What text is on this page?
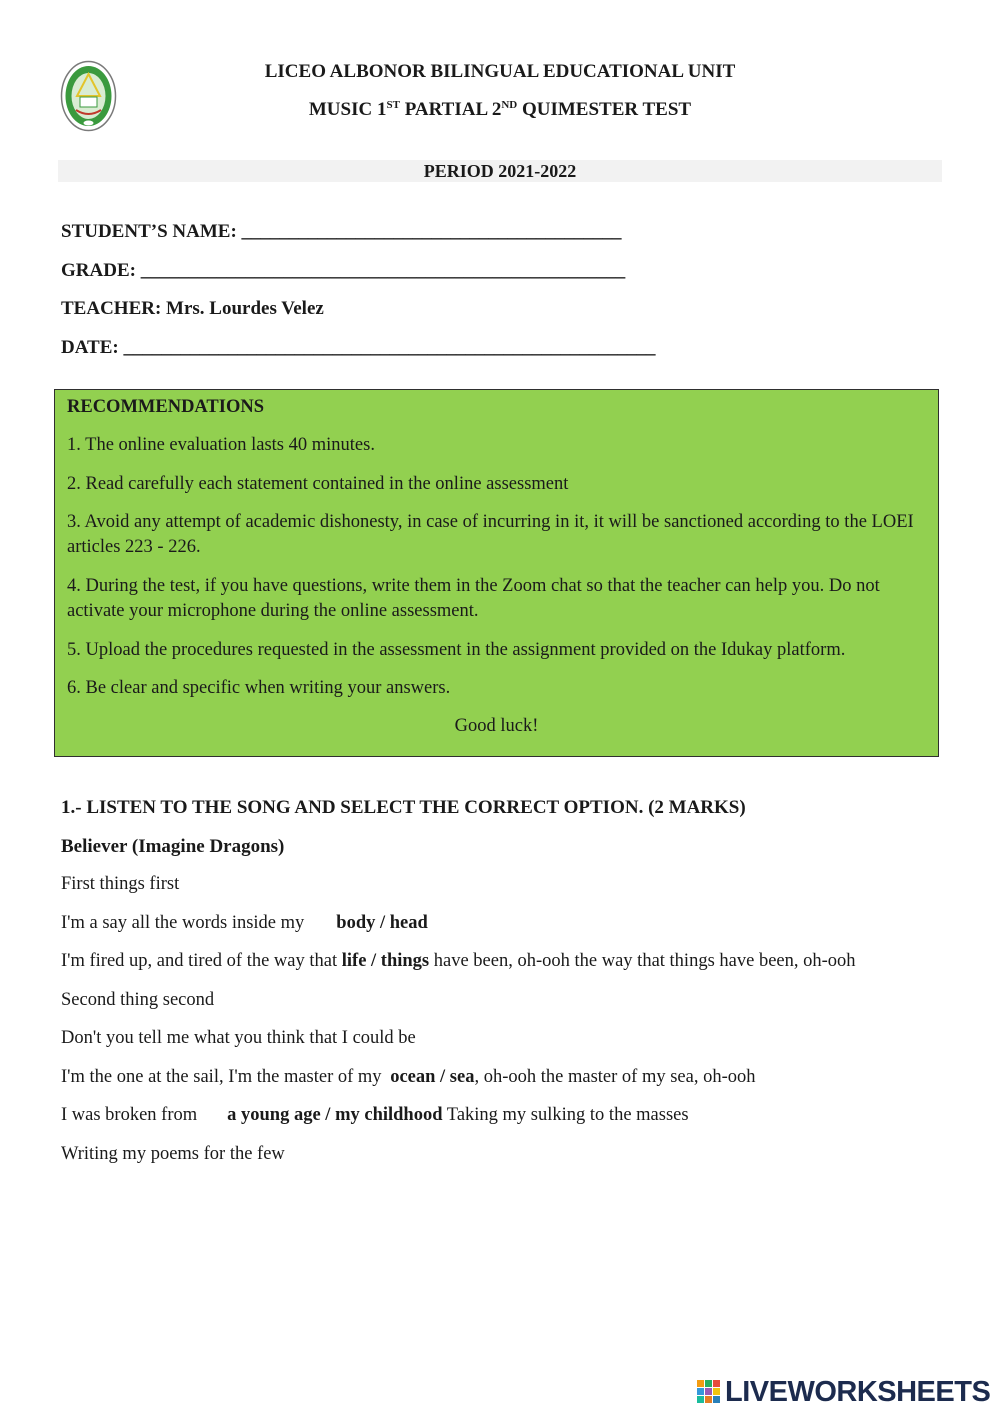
LICEO ALBONOR BILINGUAL EDUCATIONAL UNIT
MUSIC 1ST PARTIAL 2ND QUIMESTER TEST
PERIOD 2021-2022
STUDENT’S NAME: ________________________________________
GRADE: ___________________________________________________
TEACHER: Mrs. Lourdes Velez
DATE: ________________________________________________________
RECOMMENDATIONS
1. The online evaluation lasts 40 minutes.
2. Read carefully each statement contained in the online assessment
3. Avoid any attempt of academic dishonesty, in case of incurring in it, it will be sanctioned according to the LOEI articles 223 - 226.
4. During the test, if you have questions, write them in the Zoom chat so that the teacher can help you. Do not activate your microphone during the online assessment.
5. Upload the procedures requested in the assessment in the assignment provided on the Idukay platform.
6. Be clear and specific when writing your answers.
Good luck!
1.- LISTEN TO THE SONG AND SELECT THE CORRECT OPTION. (2 MARKS)
Believer (Imagine Dragons)
First things first
I'm a say all the words inside my body / head
I'm fired up, and tired of the way that life / things have been, oh-ooh the way that things have been, oh-ooh
Second thing second
Don't you tell me what you think that I could be
I'm the one at the sail, I'm the master of my ocean / sea, oh-ooh the master of my sea, oh-ooh
I was broken from a young age / my childhood Taking my sulking to the masses
Writing my poems for the few
LIVEWORKSHEETS
